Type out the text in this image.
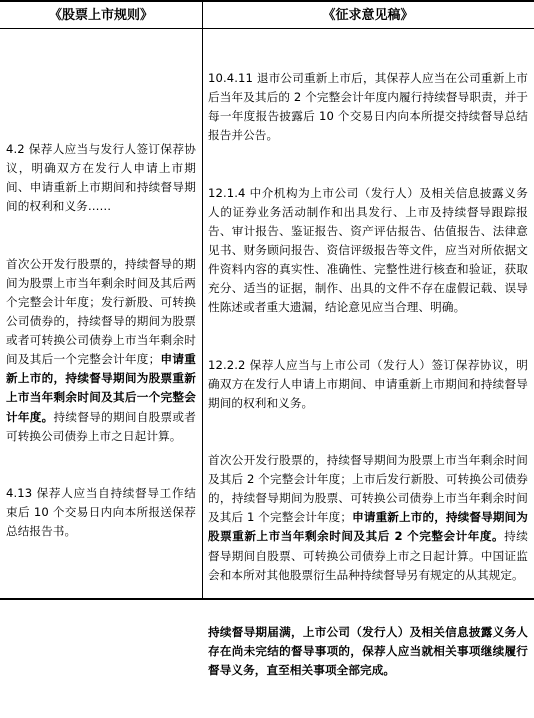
《股票上市规则》	《征求意见稿》

4.2 保荐人应当与发行人签订保荐协议，明确双方在发行人申请上市期间、申请重新上市期间和持续督导期间的权利和义务……

首次公开发行股票的，持续督导的期间为股票上市当年剩余时间及其后两个完整会计年度；发行新股、可转换公司债券的，持续督导的期间为股票或者可转换公司债券上市当年剩余时间及其后一个完整会计年度；申请重新上市的，持续督导期间为股票重新上市当年剩余时间及其后一个完整会计年度。持续督导的期间自股票或者可转换公司债券上市之日起计算。

4.13 保荐人应当自持续督导工作结束后 10 个交易日内向本所报送保荐总结报告书。

10.4.11 退市公司重新上市后，其保荐人应当在公司重新上市后当年及其后的 2 个完整会计年度内履行持续督导职责，并于每一年度报告披露后 10 个交易日内向本所提交持续督导总结报告并公告。

12.1.4 中介机构为上市公司（发行人）及相关信息披露义务人的证券业务活动制作和出具发行、上市及持续督导跟踪报告、审计报告、鉴证报告、资产评估报告、估值报告、法律意见书、财务顾问报告、资信评级报告等文件，应当对所依据文件资料内容的真实性、准确性、完整性进行核查和验证，获取充分、适当的证据，制作、出具的文件不存在虚假记载、误导性陈述或者重大遗漏，结论意见应当合理、明确。

12.2.2 保荐人应当与上市公司（发行人）签订保荐协议，明确双方在发行人申请上市期间、申请重新上市期间和持续督导期间的权利和义务。

首次公开发行股票的，持续督导期间为股票上市当年剩余时间及其后 2 个完整会计年度；上市后发行新股、可转换公司债券的，持续督导期间为股票、可转换公司债券上市当年剩余时间及其后 1 个完整会计年度；申请重新上市的，持续督导期间为股票重新上市当年剩余时间及其后 2 个完整会计年度。持续督导期间自股票、可转换公司债券上市之日起计算。中国证监会和本所对其他股票衍生品种持续督导另有规定的从其规定。

持续督导期届满，上市公司（发行人）及相关信息披露义务人存在尚未完结的督导事项的，保荐人应当就相关事项继续履行督导义务，直至相关事项全部完成。
